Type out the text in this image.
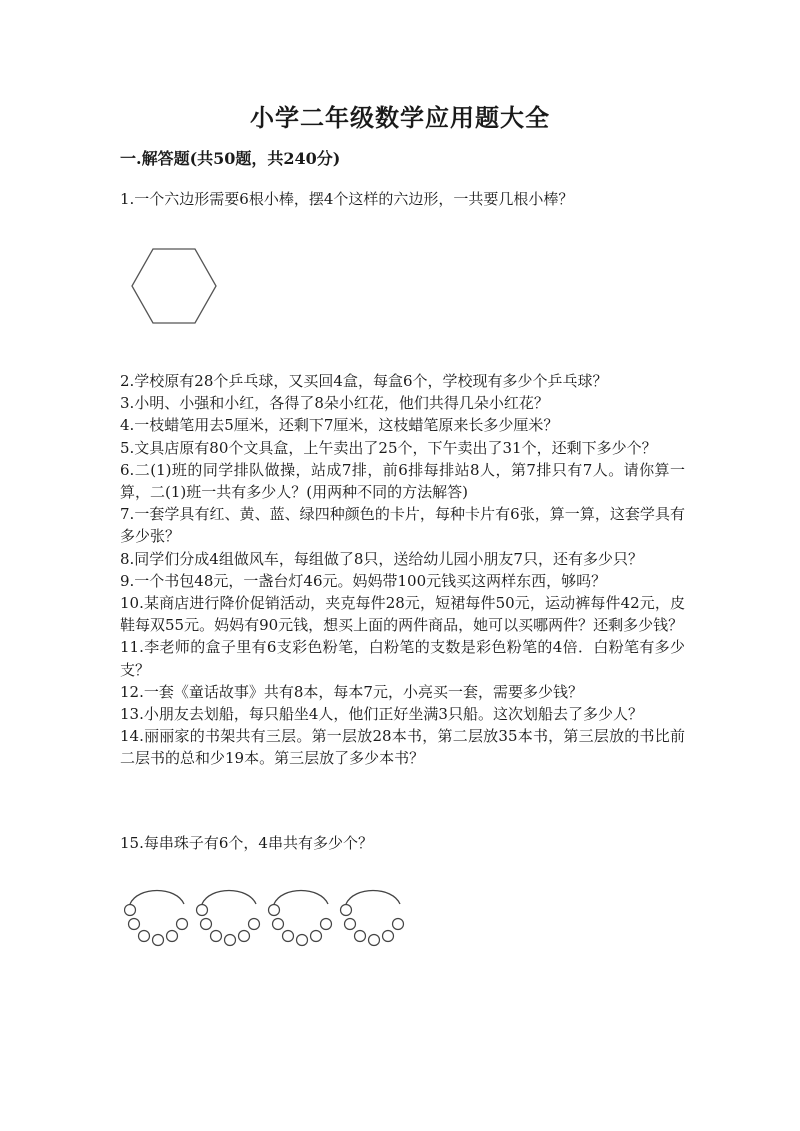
小学二年级数学应用题大全
一.解答题(共50题，共240分)
1.一个六边形需要6根小棒，摆4个这样的六边形，一共要几根小棒？

2.学校原有28个乒乓球，又买回4盒，每盒6个，学校现有多少个乒乓球？

3.小明、小强和小红，各得了8朵小红花，他们共得几朵小红花？

4.一枝蜡笔用去5厘米，还剩下7厘米，这枝蜡笔原来长多少厘米？

5.文具店原有80个文具盒，上午卖出了25个，下午卖出了31个，还剩下多少个？

6.二(1)班的同学排队做操，站成7排，前6排每排站8人，第7排只有7人。请你算一算，二(1)班一共有多少人？(用两种不同的方法解答)

7.一套学具有红、黄、蓝、绿四种颜色的卡片，每种卡片有6张，算一算，这套学具有多少张？

8.同学们分成4组做风车，每组做了8只，送给幼儿园小朋友7只，还有多少只？

9.一个书包48元，一盏台灯46元。妈妈带100元钱买这两样东西，够吗？

10.某商店进行降价促销活动，夹克每件28元，短裙每件50元，运动裤每件42元，皮鞋每双55元。妈妈有90元钱，想买上面的两件商品，她可以买哪两件？还剩多少钱？

11.李老师的盒子里有6支彩色粉笔，白粉笔的支数是彩色粉笔的4倍．白粉笔有多少支？

12.一套《童话故事》共有8本，每本7元，小亮买一套，需要多少钱？

13.小朋友去划船，每只船坐4人，他们正好坐满3只船。这次划船去了多少人？

14.丽丽家的书架共有三层。第一层放28本书，第二层放35本书，第三层放的书比前二层书的总和少19本。第三层放了多少本书？

15.每串珠子有6个，4串共有多少个？
